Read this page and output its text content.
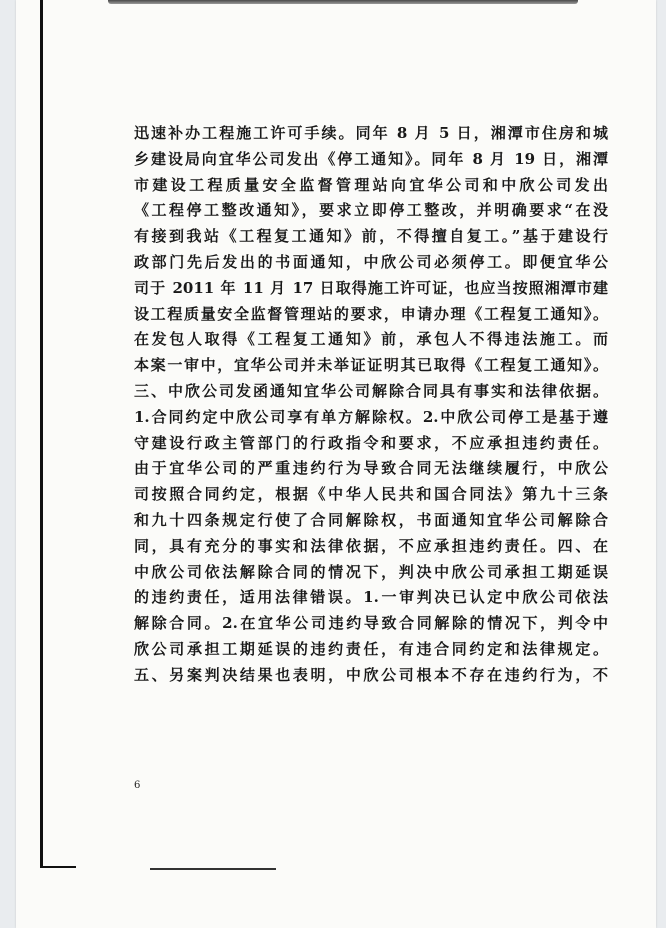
迅速补办工程施工许可手续。同年 8 月 5 日，湘潭市住房和城
乡建设局向宜华公司发出《停工通知》。同年 8 月 19 日，湘潭
市建设工程质量安全监督管理站向宜华公司和中欣公司发出
《工程停工整改通知》，要求立即停工整改，并明确要求“在没
有接到我站《工程复工通知》前，不得擅自复工。”基于建设行
政部门先后发出的书面通知，中欣公司必须停工。即便宜华公
司于 2011 年 11 月 17 日取得施工许可证，也应当按照湘潭市建
设工程质量安全监督管理站的要求，申请办理《工程复工通知》。
在发包人取得《工程复工通知》前，承包人不得违法施工。而
本案一审中，宜华公司并未举证证明其已取得《工程复工通知》。
三、中欣公司发函通知宜华公司解除合同具有事实和法律依据。
1.合同约定中欣公司享有单方解除权。2.中欣公司停工是基于遵
守建设行政主管部门的行政指令和要求，不应承担违约责任。
由于宜华公司的严重违约行为导致合同无法继续履行，中欣公
司按照合同约定，根据《中华人民共和国合同法》第九十三条
和九十四条规定行使了合同解除权，书面通知宜华公司解除合
同，具有充分的事实和法律依据，不应承担违约责任。四、在
中欣公司依法解除合同的情况下，判决中欣公司承担工期延误
的违约责任，适用法律错误。1.一审判决已认定中欣公司依法
解除合同。2.在宜华公司违约导致合同解除的情况下，判令中
欣公司承担工期延误的违约责任，有违合同约定和法律规定。
五、另案判决结果也表明，中欣公司根本不存在违约行为，不
6
